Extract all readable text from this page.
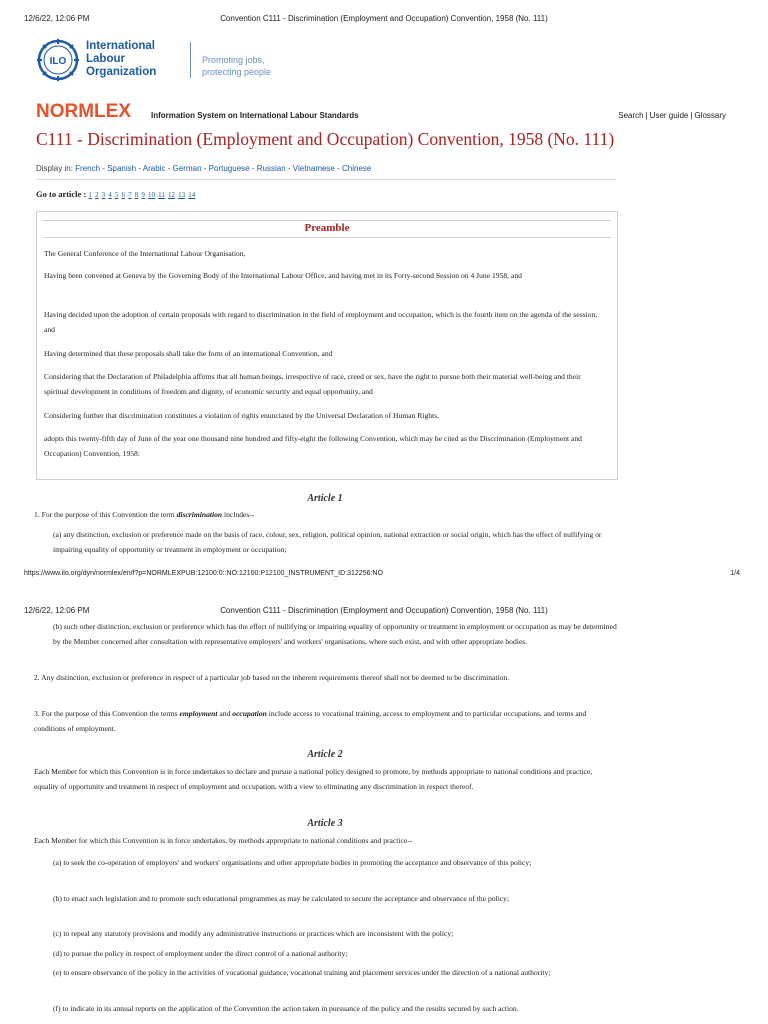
12/6/22, 12:06 PM	Convention C111 - Discrimination (Employment and Occupation) Convention, 1958 (No. 111)
ILO
International
Labour
Organization
Promoting jobs,
protecting people
NORMLEX	Information System on International Labour Standards	Search | User guide | Glossary
C111 - Discrimination (Employment and Occupation) Convention, 1958 (No. 111)
Display in: French - Spanish - Arabic - German - Portuguese - Russian - Vietnamese - Chinese
Go to article : 1 2 3 4 5 6 7 8 9 10 11 12 13 14
Preamble
The General Conference of the International Labour Organisation,
Having been convened at Geneva by the Governing Body of the International Labour Office, and having met in its Forty-second Session on 4 June 1958, and
Having decided upon the adoption of certain proposals with regard to discrimination in the field of employment and occupation, which is the fourth item on the agenda of the session, and
Having determined that these proposals shall take the form of an international Convention, and
Considering that the Declaration of Philadelphia affirms that all human beings, irrespective of race, creed or sex, have the right to pursue both their material well-being and their spiritual development in conditions of freedom and dignity, of economic security and equal opportunity, and
Considering further that discrimination constitutes a violation of rights enunciated by the Universal Declaration of Human Rights,
adopts this twenty-fifth day of June of the year one thousand nine hundred and fifty-eight the following Convention, which may be cited as the Discrimination (Employment and Occupation) Convention, 1958:
Article 1
1. For the purpose of this Convention the term discrimination includes--
(a) any distinction, exclusion or preference made on the basis of race, colour, sex, religion, political opinion, national extraction or social origin, which has the effect of nullifying or impairing equality of opportunity or treatment in employment or occupation;
https://www.ilo.org/dyn/normlex/en/f?p=NORMLEXPUB:12100:0::NO:12100:P12100_INSTRUMENT_ID:312256:NO	1/4
12/6/22, 12:06 PM	Convention C111 - Discrimination (Employment and Occupation) Convention, 1958 (No. 111)
(b) such other distinction, exclusion or preference which has the effect of nullifying or impairing equality of opportunity or treatment in employment or occupation as may be determined by the Member concerned after consultation with representative employers' and workers' organisations, where such exist, and with other appropriate bodies.
2. Any distinction, exclusion or preference in respect of a particular job based on the inherent requirements thereof shall not be deemed to be discrimination.
3. For the purpose of this Convention the terms employment and occupation include access to vocational training, access to employment and to particular occupations, and terms and conditions of employment.
Article 2
Each Member for which this Convention is in force undertakes to declare and pursue a national policy designed to promote, by methods appropriate to national conditions and practice, equality of opportunity and treatment in respect of employment and occupation, with a view to eliminating any discrimination in respect thereof.
Article 3
Each Member for which this Convention is in force undertakes, by methods appropriate to national conditions and practice--
(a) to seek the co-operation of employers' and workers' organisations and other appropriate bodies in promoting the acceptance and observance of this policy;
(b) to enact such legislation and to promote such educational programmes as may be calculated to secure the acceptance and observance of the policy;
(c) to repeal any statutory provisions and modify any administrative instructions or practices which are inconsistent with the policy;
(d) to pursue the policy in respect of employment under the direct control of a national authority;
(e) to ensure observance of the policy in the activities of vocational guidance, vocational training and placement services under the direction of a national authority;
(f) to indicate in its annual reports on the application of the Convention the action taken in pursuance of the policy and the results secured by such action.
